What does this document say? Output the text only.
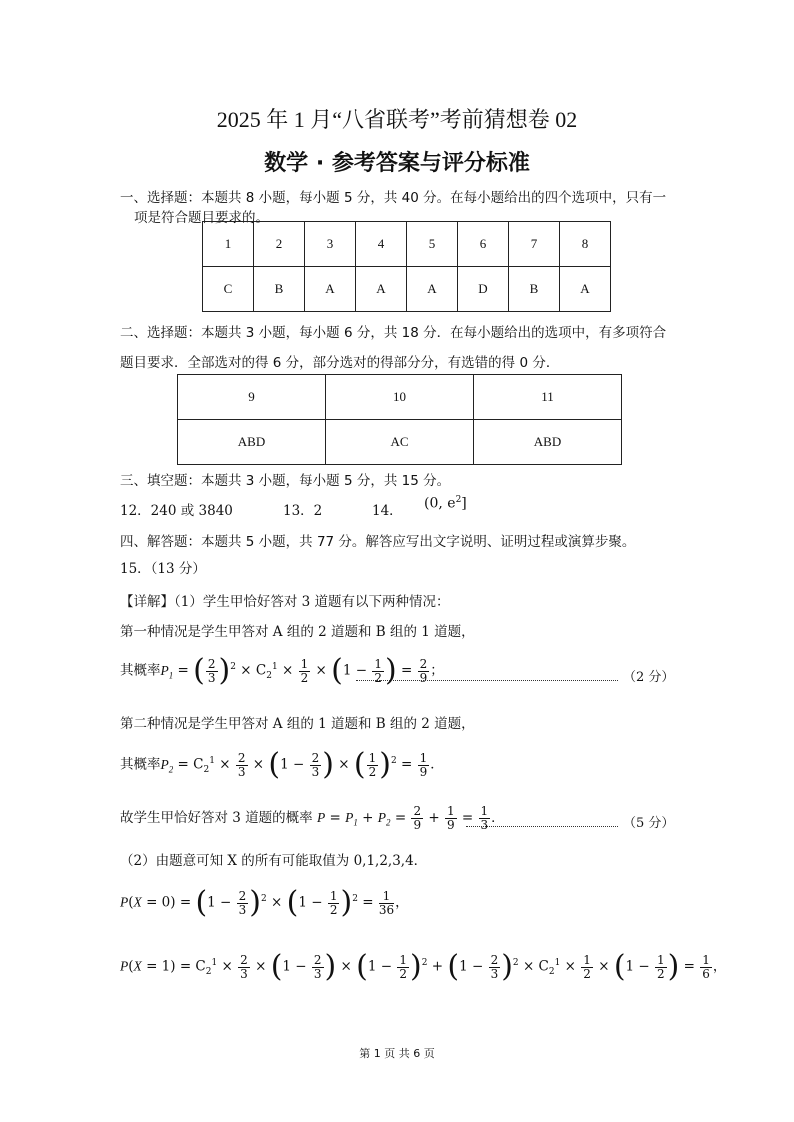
2025 年 1 月“八省联考”考前猜想卷 02
数学 · 参考答案与评分标准
一、选择题：本题共 8 小题，每小题 5 分，共 40 分。在每小题给出的四个选项中，只有一
项是符合题目要求的。
1	2	3	4	5	6	7	8
C	B	A	A	A	D	B	A
二、选择题：本题共 3 小题，每小题 6 分，共 18 分．在每小题给出的选项中，有多项符合
题目要求．全部选对的得 6 分，部分选对的得部分分，有选错的得 0 分．
9	10	11
ABD	AC	ABD
三、填空题：本题共 3 小题，每小题 5 分，共 15 分。
12．240 或 3840	13．2	14． (0, $e^2$]
四、解答题：本题共 5 小题，共 77 分。解答应写出文字说明、证明过程或演算步聚。
15．（13 分）
【详解】（1）学生甲恰好答对 3 道题有以下两种情况：
第一种情况是学生甲答对 A 组的 2 道题和 B 组的 1 道题，
其概率$P_1$ = ( $\frac{2}{3} )^2 \times C_2^1 \times \frac{1}{2} \times (1 - \frac{1}{2}$ ) = $\frac{2}{9}$ ；	（2 分）
第二种情况是学生甲答对 A 组的 1 道题和 B 组的 2 道题，
其概率$P_2 = C_2^1 \times \frac{2}{3} \times (1 - \frac{2}{3}$ ) × ( $\frac{1}{2} )^2 = \frac{1}{9}$ ．
故学生甲恰好答对 3 道题的概率 $P = P_1 + P_2 = \frac{2}{9} + \frac{1}{9} = \frac{1}{3}$ ．	（5 分）
（2）由题意可知 X 的所有可能取值为 0,1,2,3,4．
$P(X = 0) = (1 - \frac{2}{3} )^2 \times (1 - \frac{1}{2} )^2 = \frac{1}{36}$ ，
$P(X = 1) = C_2^1 \times \frac{2}{3} \times (1 - \frac{2}{3}$ ) × $(1 - \frac{1}{2} )^2 + (1 - \frac{2}{3} )^2 \times C_2^1 \times \frac{1}{2} \times (1 - \frac{1}{2}$ ) = $\frac{1}{6}$ ，
第 1 页 共 6 页
